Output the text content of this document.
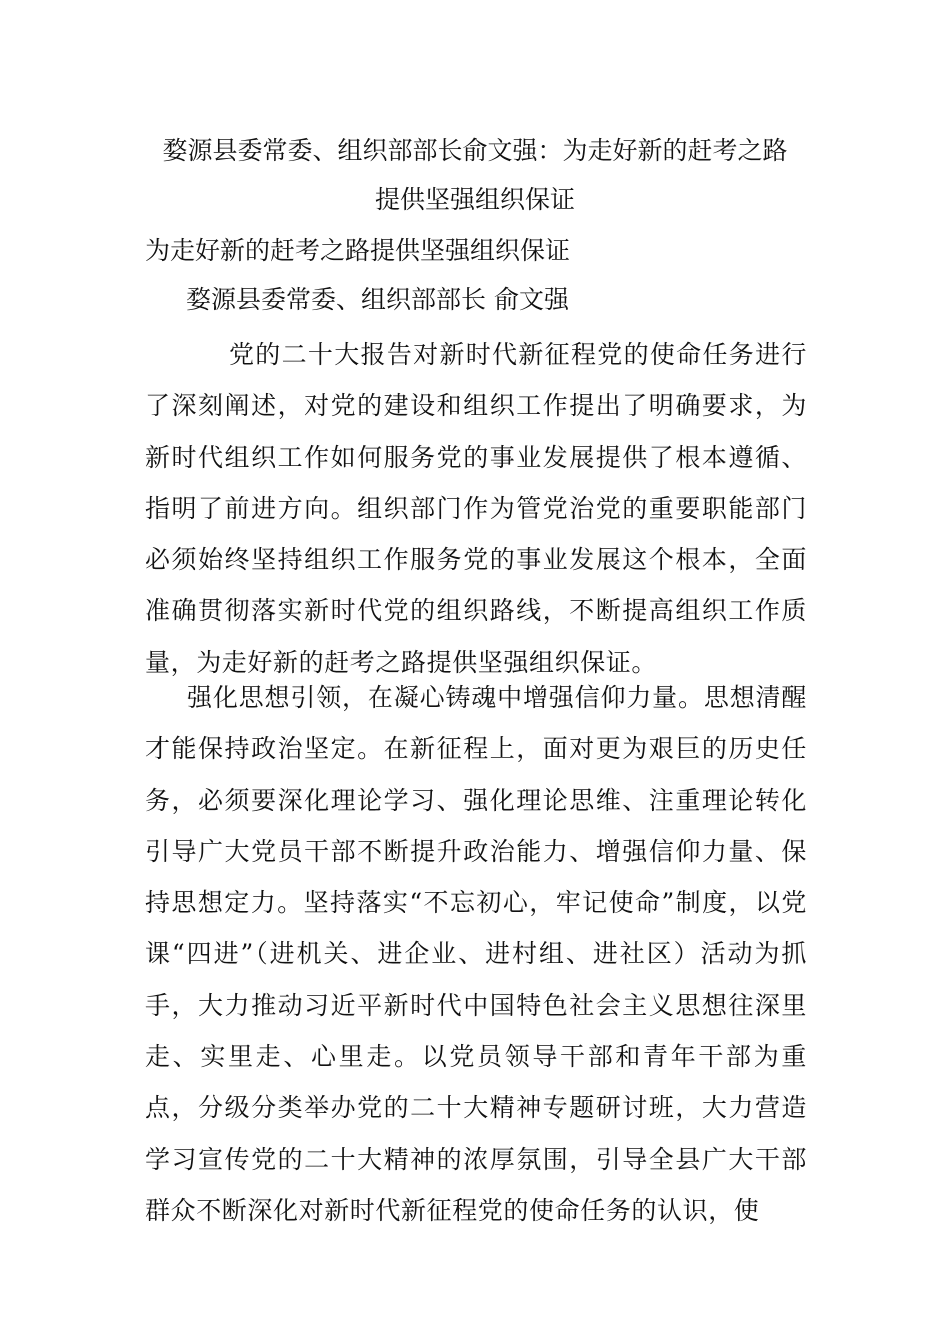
婺源县委常委、组织部部长俞文强：为走好新的赶考之路
提供坚强组织保证
为走好新的赶考之路提供坚强组织保证
婺源县委常委、组织部部长 俞文强

党的二十大报告对新时代新征程党的使命任务进行了深刻阐述，对党的建设和组织工作提出了明确要求，为新时代组织工作如何服务党的事业发展提供了根本遵循、指明了前进方向。组织部门作为管党治党的重要职能部门必须始终坚持组织工作服务党的事业发展这个根本，全面准确贯彻落实新时代党的组织路线，不断提高组织工作质量，为走好新的赶考之路提供坚强组织保证。

强化思想引领，在凝心铸魂中增强信仰力量。思想清醒才能保持政治坚定。在新征程上，面对更为艰巨的历史任务，必须要深化理论学习、强化理论思维、注重理论转化引导广大党员干部不断提升政治能力、增强信仰力量、保持思想定力。坚持落实“不忘初心，牢记使命”制度，以党课“四进”（进机关、进企业、进村组、进社区）活动为抓手，大力推动习近平新时代中国特色社会主义思想往深里走、实里走、心里走。以党员领导干部和青年干部为重点，分级分类举办党的二十大精神专题研讨班，大力营造学习宣传党的二十大精神的浓厚氛围，引导全县广大干部群众不断深化对新时代新征程党的使命任务的认识，使
